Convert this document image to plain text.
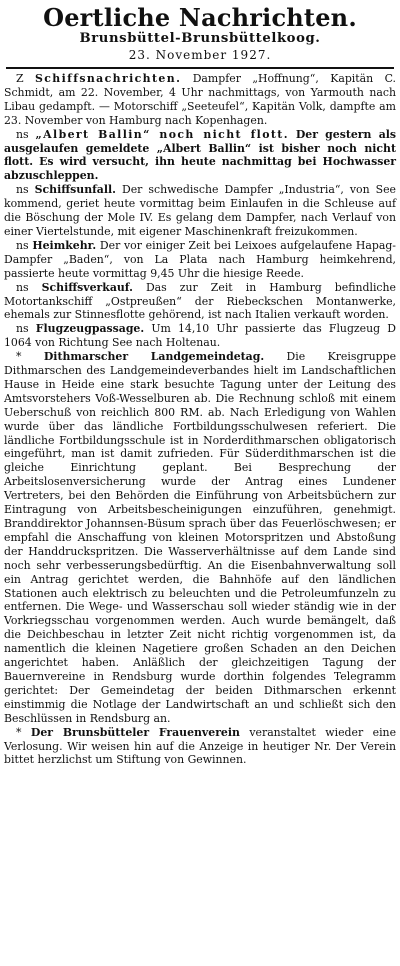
Oertliche Nachrichten.
Brunsbüttel-Brunsbüttelkoog.
23. November 1927.

Z Schiffsnachrichten. Dampfer „Hoffnung“, Kapitän C. Schmidt, am 22. November, 4 Uhr nachmittags, von Yarmouth nach Libau gedampft. — Motorschiff „Seeteufel“, Kapitän Volk, dampfte am 23. November von Hamburg nach Kopenhagen.

ns „Albert Ballin“ noch nicht flott. Der gestern als ausgelaufen gemeldete „Albert Ballin“ ist bisher noch nicht flott. Es wird versucht, ihn heute nachmittag bei Hochwasser abzuschleppen.

ns Schiffsunfall. Der schwedische Dampfer „Industria“, von See kommend, geriet heute vormittag beim Einlaufen in die Schleuse auf die Böschung der Mole IV. Es gelang dem Dampfer, nach Verlauf von einer Viertelstunde, mit eigener Maschinenkraft freizukommen.

ns Heimkehr. Der vor einiger Zeit bei Leixoes aufgelaufene Hapag-Dampfer „Baden“, von La Plata nach Hamburg heimkehrend, passierte heute vormittag 9,45 Uhr die hiesige Reede.

ns Schiffsverkauf. Das zur Zeit in Hamburg befindliche Motortankschiff „Ostpreußen“ der Riebeckschen Montanwerke, ehemals zur Stinnesflotte gehörend, ist nach Italien verkauft worden.

ns Flugzeugpassage. Um 14,10 Uhr passierte das Flugzeug D 1064 von Richtung See nach Holtenau.

* Dithmarscher Landgemeindetag. Die Kreisgruppe Dithmarschen des Landgemeindeverbandes hielt im Landschaftlichen Hause in Heide eine stark besuchte Tagung unter der Leitung des Amtsvorstehers Voß-Wesselburen ab. Die Rechnung schloß mit einem Ueberschuß von reichlich 800 RM. ab. Nach Erledigung von Wahlen wurde über das ländliche Fortbildungsschulwesen referiert. Die ländliche Fortbildungsschule ist in Norderdithmarschen obligatorisch eingeführt, man ist damit zufrieden. Für Süderdithmarschen ist die gleiche Einrichtung geplant. Bei Besprechung der Arbeitslosenversicherung wurde der Antrag eines Lundener Vertreters, bei den Behörden die Einführung von Arbeitsbüchern zur Eintragung von Arbeitsbescheinigungen einzuführen, genehmigt. Branddirektor Johannsen-Büsum sprach über das Feuerlöschwesen; er empfahl die Anschaffung von kleinen Motorspritzen und Abstoßung der Handdruckspritzen. Die Wasserverhältnisse auf dem Lande sind noch sehr verbesserungsbedürftig. An die Eisenbahnverwaltung soll ein Antrag gerichtet werden, die Bahnhöfe auf den ländlichen Stationen auch elektrisch zu beleuchten und die Petroleumfunzeln zu entfernen. Die Wege- und Wasserschau soll wieder ständig wie in der Vorkriegsschau vorgenommen werden. Auch wurde bemängelt, daß die Deichbeschau in letzter Zeit nicht richtig vorgenommen ist, da namentlich die kleinen Nagetiere großen Schaden an den Deichen angerichtet haben. Anläßlich der gleichzeitigen Tagung der Bauernvereine in Rendsburg wurde dorthin folgendes Telegramm gerichtet: Der Gemeindetag der beiden Dithmarschen erkennt einstimmig die Notlage der Landwirtschaft an und schließt sich den Beschlüssen in Rendsburg an.

* Der Brunsbütteler Frauenverein veranstaltet wieder eine Verlosung. Wir weisen hin auf die Anzeige in heutiger Nr. Der Verein bittet herzlichst um Stiftung von Gewinnen.
